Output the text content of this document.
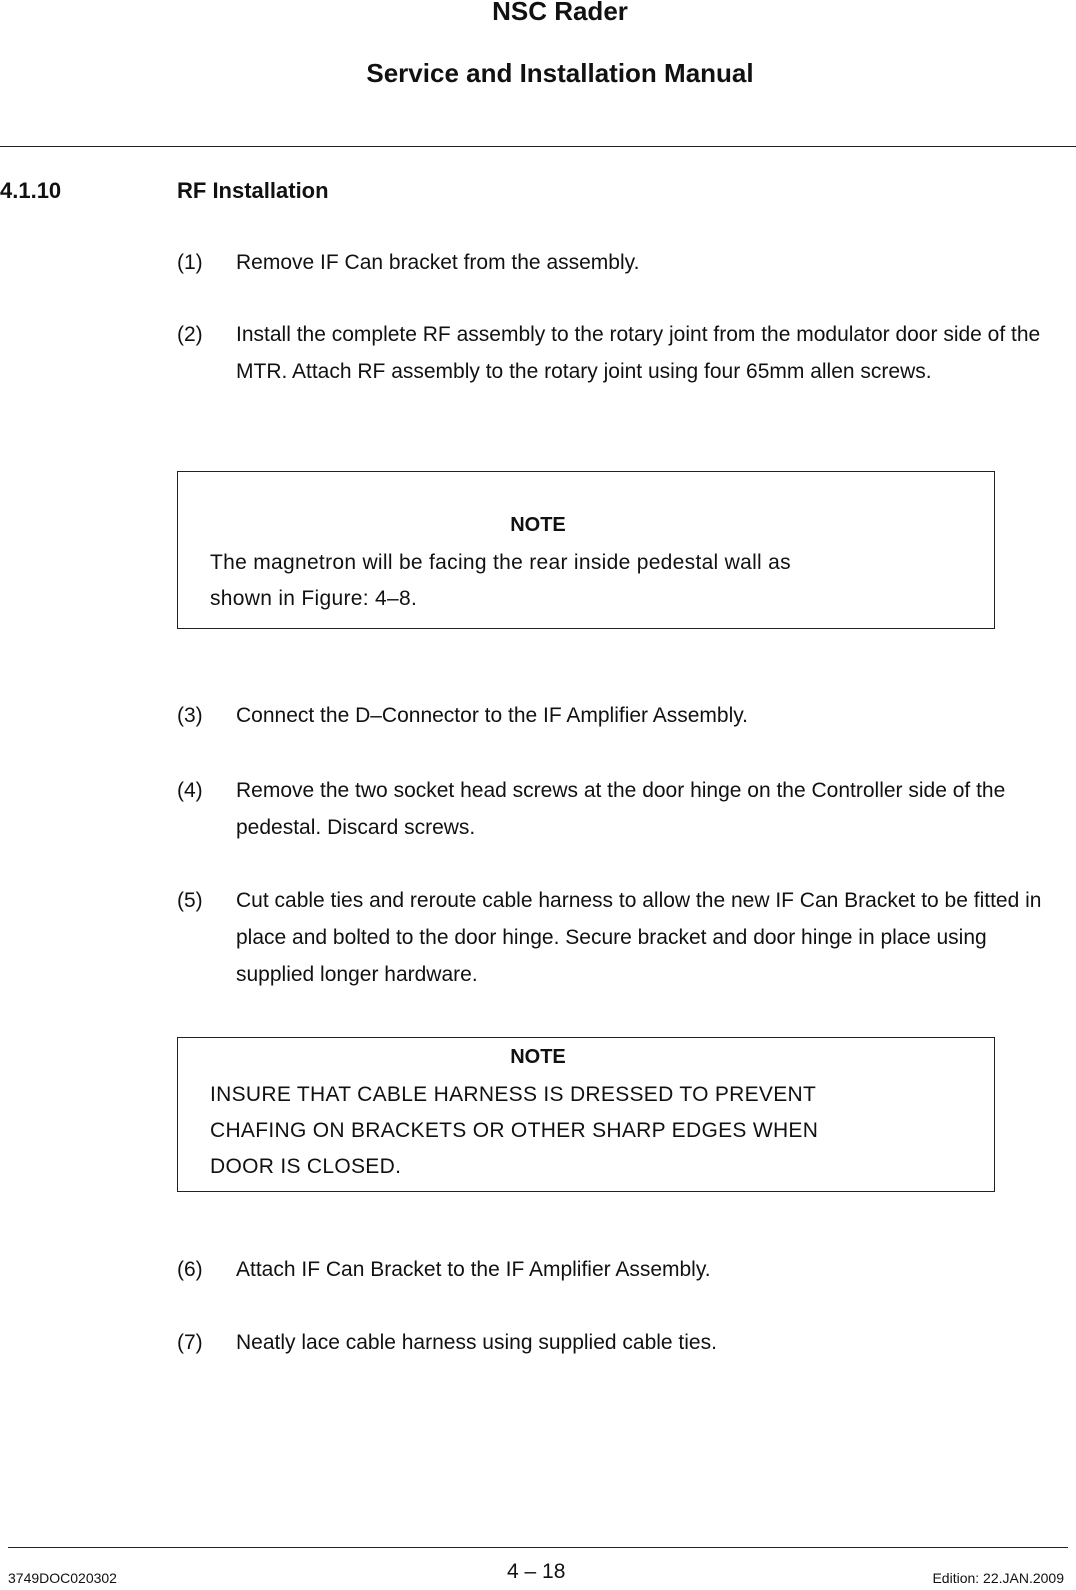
NSC Rader
Service and Installation Manual
4.1.10	RF Installation
(1) Remove IF Can bracket from the assembly.
(2) Install the complete RF assembly to the rotary joint from the modulator door side of the MTR. Attach RF assembly to the rotary joint using four 65mm allen screws.
NOTE
The magnetron will be facing the rear inside pedestal wall as
shown in Figure: 4–8.
(3) Connect the D–Connector to the IF Amplifier Assembly.
(4) Remove the two socket head screws at the door hinge on the Controller side of the pedestal. Discard screws.
(5) Cut cable ties and reroute cable harness to allow the new IF Can Bracket to be fitted in place and bolted to the door hinge. Secure bracket and door hinge in place using supplied longer hardware.
NOTE
INSURE THAT CABLE HARNESS IS DRESSED TO PREVENT
CHAFING ON BRACKETS OR OTHER SHARP EDGES WHEN
DOOR IS CLOSED.
(6) Attach IF Can Bracket to the IF Amplifier Assembly.
(7) Neatly lace cable harness using supplied cable ties.
3749DOC020302	4 – 18	Edition: 22.JAN.2009
